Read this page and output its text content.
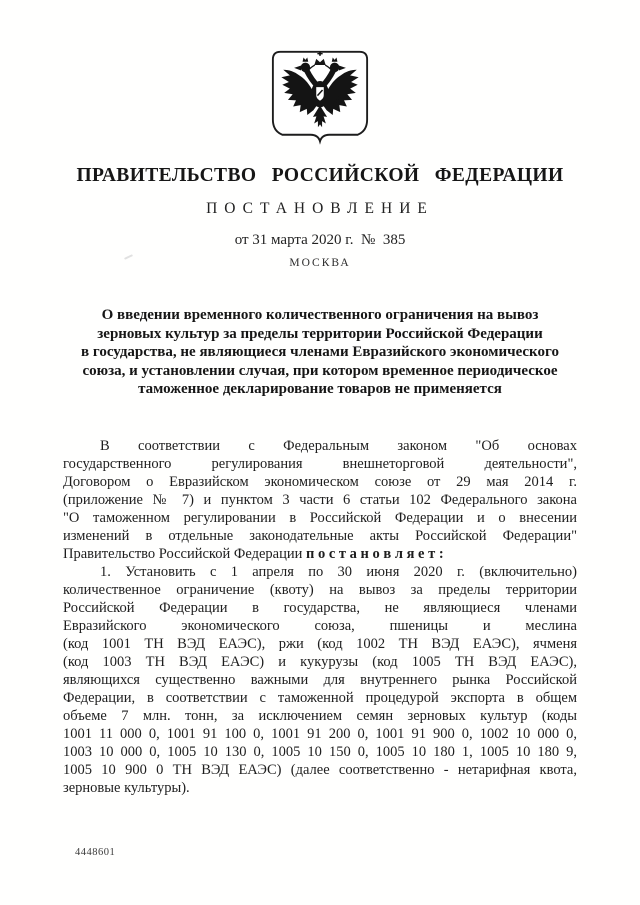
ПРАВИТЕЛЬСТВО РОССИЙСКОЙ ФЕДЕРАЦИИ
ПОСТАНОВЛЕНИЕ
от 31 марта 2020 г.  №  385
МОСКВА
О введении временного количественного ограничения на вывоз
зерновых культур за пределы территории Российской Федерации
в государства, не являющиеся членами Евразийского экономического
союза, и установлении случая, при котором временное периодическое
таможенное декларирование товаров не применяется
В соответствии с Федеральным законом "Об основах
государственного регулирования внешнеторговой деятельности",
Договором о Евразийском экономическом союзе от 29 мая 2014 г.
(приложение № 7) и пунктом 3 части 6 статьи 102 Федерального закона
"О таможенном регулировании в Российской Федерации и о внесении
изменений в отдельные законодательные акты Российской Федерации"
Правительство Российской Федерации п о с т а н о в л я е т :
1. Установить с 1 апреля по 30 июня 2020 г. (включительно)
количественное ограничение (квоту) на вывоз за пределы территории
Российской Федерации в государства, не являющиеся членами
Евразийского экономического союза, пшеницы и меслина
(код 1001 ТН ВЭД ЕАЭС), ржи (код 1002 ТН ВЭД ЕАЭС), ячменя
(код 1003 ТН ВЭД ЕАЭС) и кукурузы (код 1005 ТН ВЭД ЕАЭС),
являющихся существенно важными для внутреннего рынка Российской
Федерации, в соответствии с таможенной процедурой экспорта в общем
объеме 7 млн. тонн, за исключением семян зерновых культур (коды
1001 11 000 0, 1001 91 100 0, 1001 91 200 0, 1001 91 900 0, 1002 10 000 0,
1003 10 000 0, 1005 10 130 0, 1005 10 150 0, 1005 10 180 1, 1005 10 180 9,
1005 10 900 0 ТН ВЭД ЕАЭС) (далее соответственно - нетарифная квота,
зерновые культуры).
4448601
